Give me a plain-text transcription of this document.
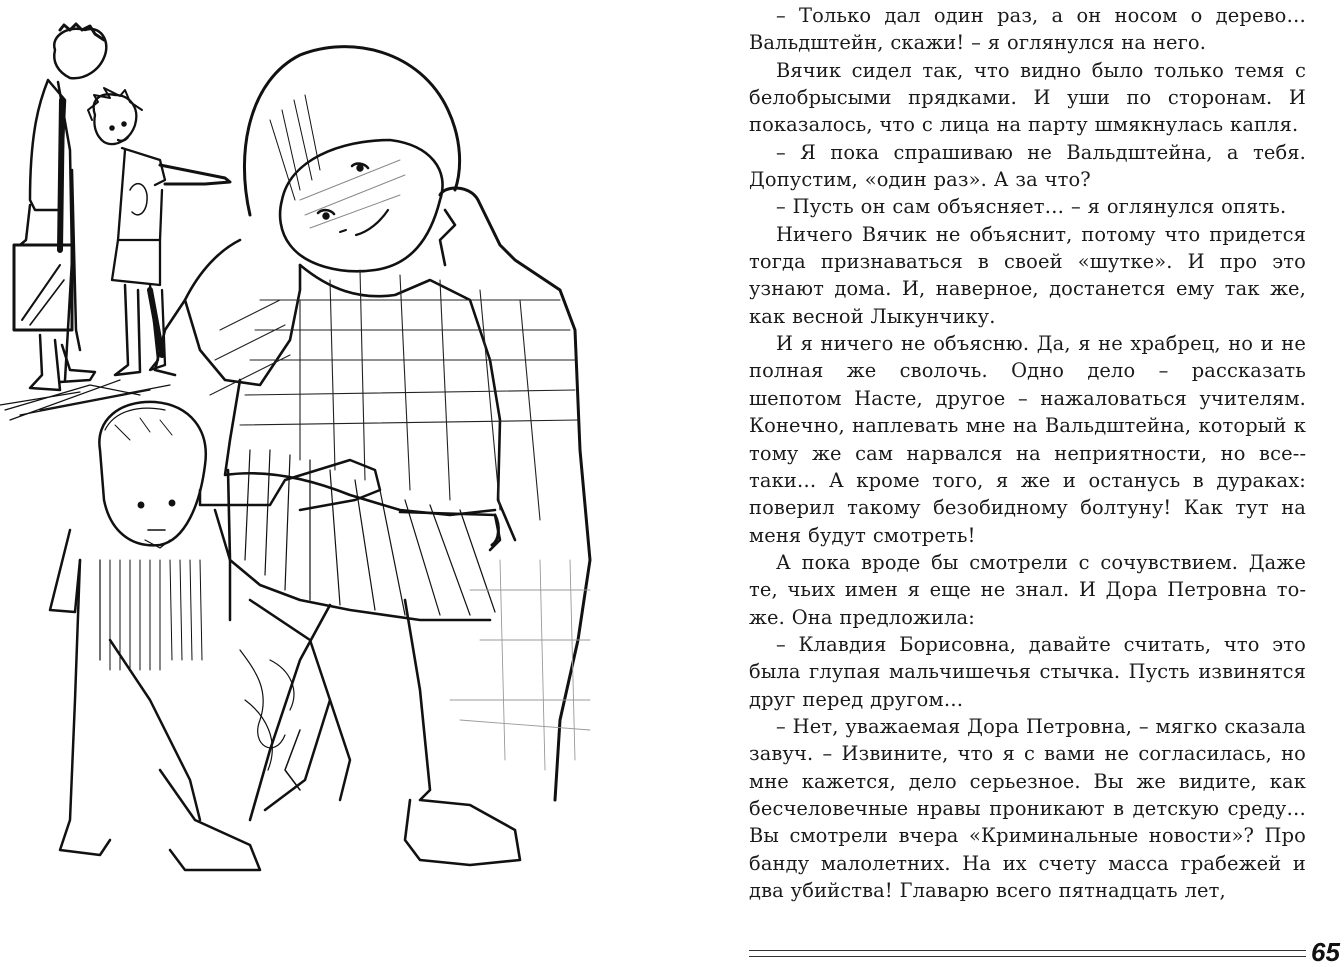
– Только дал один раз, а он носом о дерево… Вальдштейн, скажи! – я оглянулся на него.

Вячик сидел так, что видно было только темя с белобрысыми прядками. И уши по сторонам. И показалось, что с лица на парту шмякнулась капля.

– Я пока спрашиваю не Вальдштейна, а тебя. Допустим, «один раз». А за что?

– Пусть он сам объясняет… – я оглянулся опять.

Ничего Вячик не объяснит, потому что придется тогда признаваться в своей «шутке». И про это узнают дома. И, наверное, достанется ему так же, как весной Лыкунчику.

И я ничего не объясню. Да, я не храбрец, но и не полная же сволочь. Одно дело – рассказать шепотом Насте, другое – нажаловаться учителям. Конечно, наплевать мне на Вальдштейна, который к тому же сам нарвался на неприятности, но все-таки… А кроме того, я же и останусь в дураках: поверил такому безобидному болтуну! Как тут на меня будут смотреть!

А пока вроде бы смотрели с сочувствием. Даже те, чьих имен я еще не знал. И Дора Петровна тоже. Она предложила:

– Клавдия Борисовна, давайте считать, что это была глупая мальчишечья стычка. Пусть извинятся друг перед другом…

– Нет, уважаемая Дора Петровна, – мягко сказала завуч. – Извините, что я с вами не согласилась, но мне кажется, дело серьезное. Вы же видите, как бесчеловечные нравы проникают в детскую среду… Вы смотрели вчера «Криминальные новости»? Про банду малолетних. На их счету масса грабежей и два убийства! Главарю всего пятнадцать лет,

65
